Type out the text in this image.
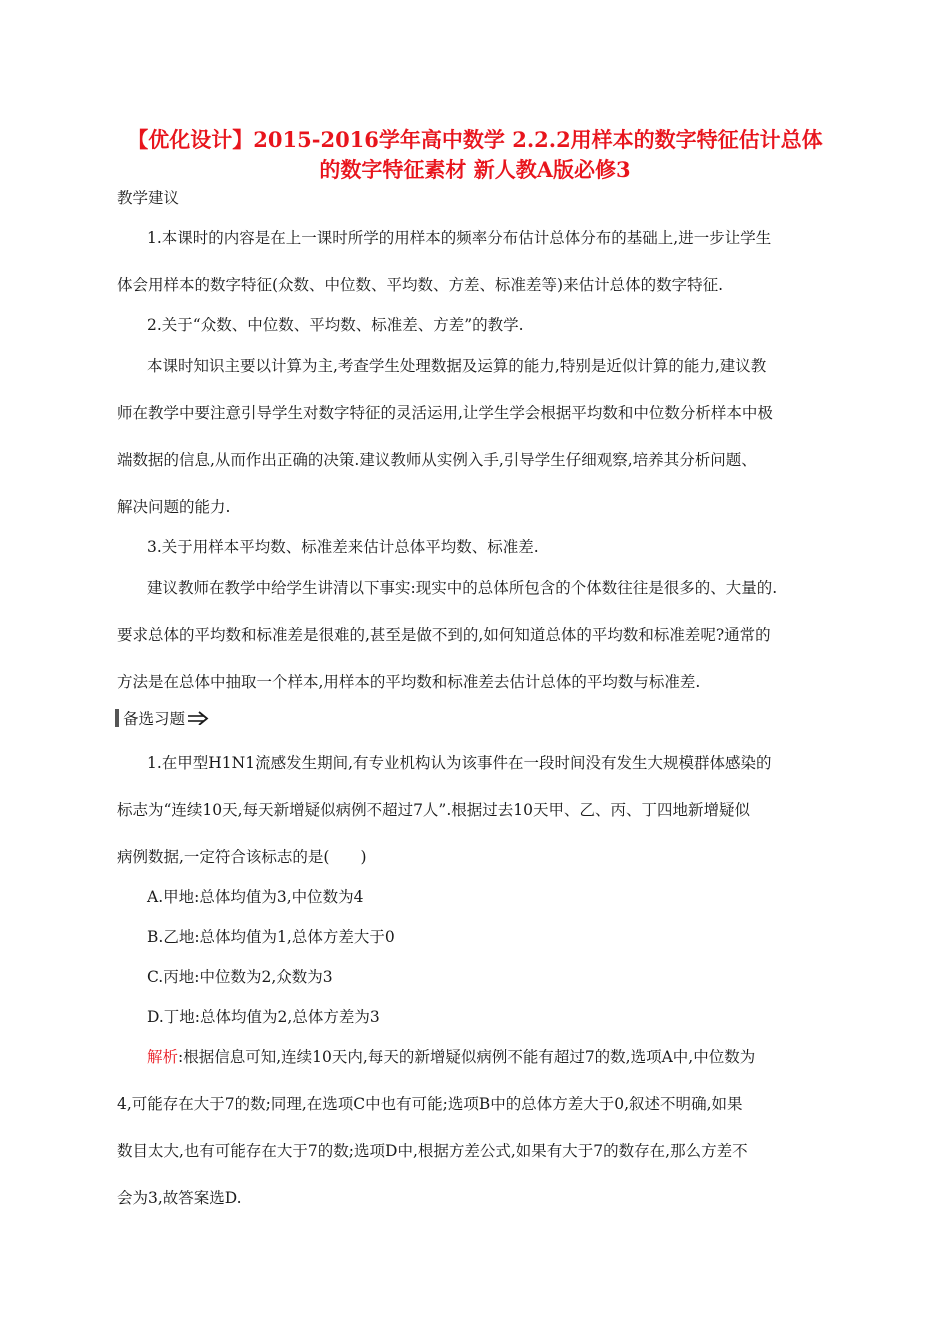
【优化设计】2015-2016学年高中数学 2.2.2用样本的数字特征估计总体
的数字特征素材 新人教A版必修3
教学建议
1.本课时的内容是在上一课时所学的用样本的频率分布估计总体分布的基础上,进一步让学生
体会用样本的数字特征(众数、中位数、平均数、方差、标准差等)来估计总体的数字特征.
2.关于“众数、中位数、平均数、标准差、方差”的教学.
本课时知识主要以计算为主,考查学生处理数据及运算的能力,特别是近似计算的能力,建议教
师在教学中要注意引导学生对数字特征的灵活运用,让学生学会根据平均数和中位数分析样本中极
端数据的信息,从而作出正确的决策.建议教师从实例入手,引导学生仔细观察,培养其分析问题、
解决问题的能力.
3.关于用样本平均数、标准差来估计总体平均数、标准差.
建议教师在教学中给学生讲清以下事实:现实中的总体所包含的个体数往往是很多的、大量的.
要求总体的平均数和标准差是很难的,甚至是做不到的,如何知道总体的平均数和标准差呢?通常的
方法是在总体中抽取一个样本,用样本的平均数和标准差去估计总体的平均数与标准差.
备选习题
1.在甲型H1N1流感发生期间,有专业机构认为该事件在一段时间没有发生大规模群体感染的
标志为“连续10天,每天新增疑似病例不超过7人”.根据过去10天甲、乙、丙、丁四地新增疑似
病例数据,一定符合该标志的是(　　)
A.甲地:总体均值为3,中位数为4
B.乙地:总体均值为1,总体方差大于0
C.丙地:中位数为2,众数为3
D.丁地:总体均值为2,总体方差为3
解析:根据信息可知,连续10天内,每天的新增疑似病例不能有超过7的数,选项A中,中位数为
4,可能存在大于7的数;同理,在选项C中也有可能;选项B中的总体方差大于0,叙述不明确,如果
数目太大,也有可能存在大于7的数;选项D中,根据方差公式,如果有大于7的数存在,那么方差不
会为3,故答案选D.
